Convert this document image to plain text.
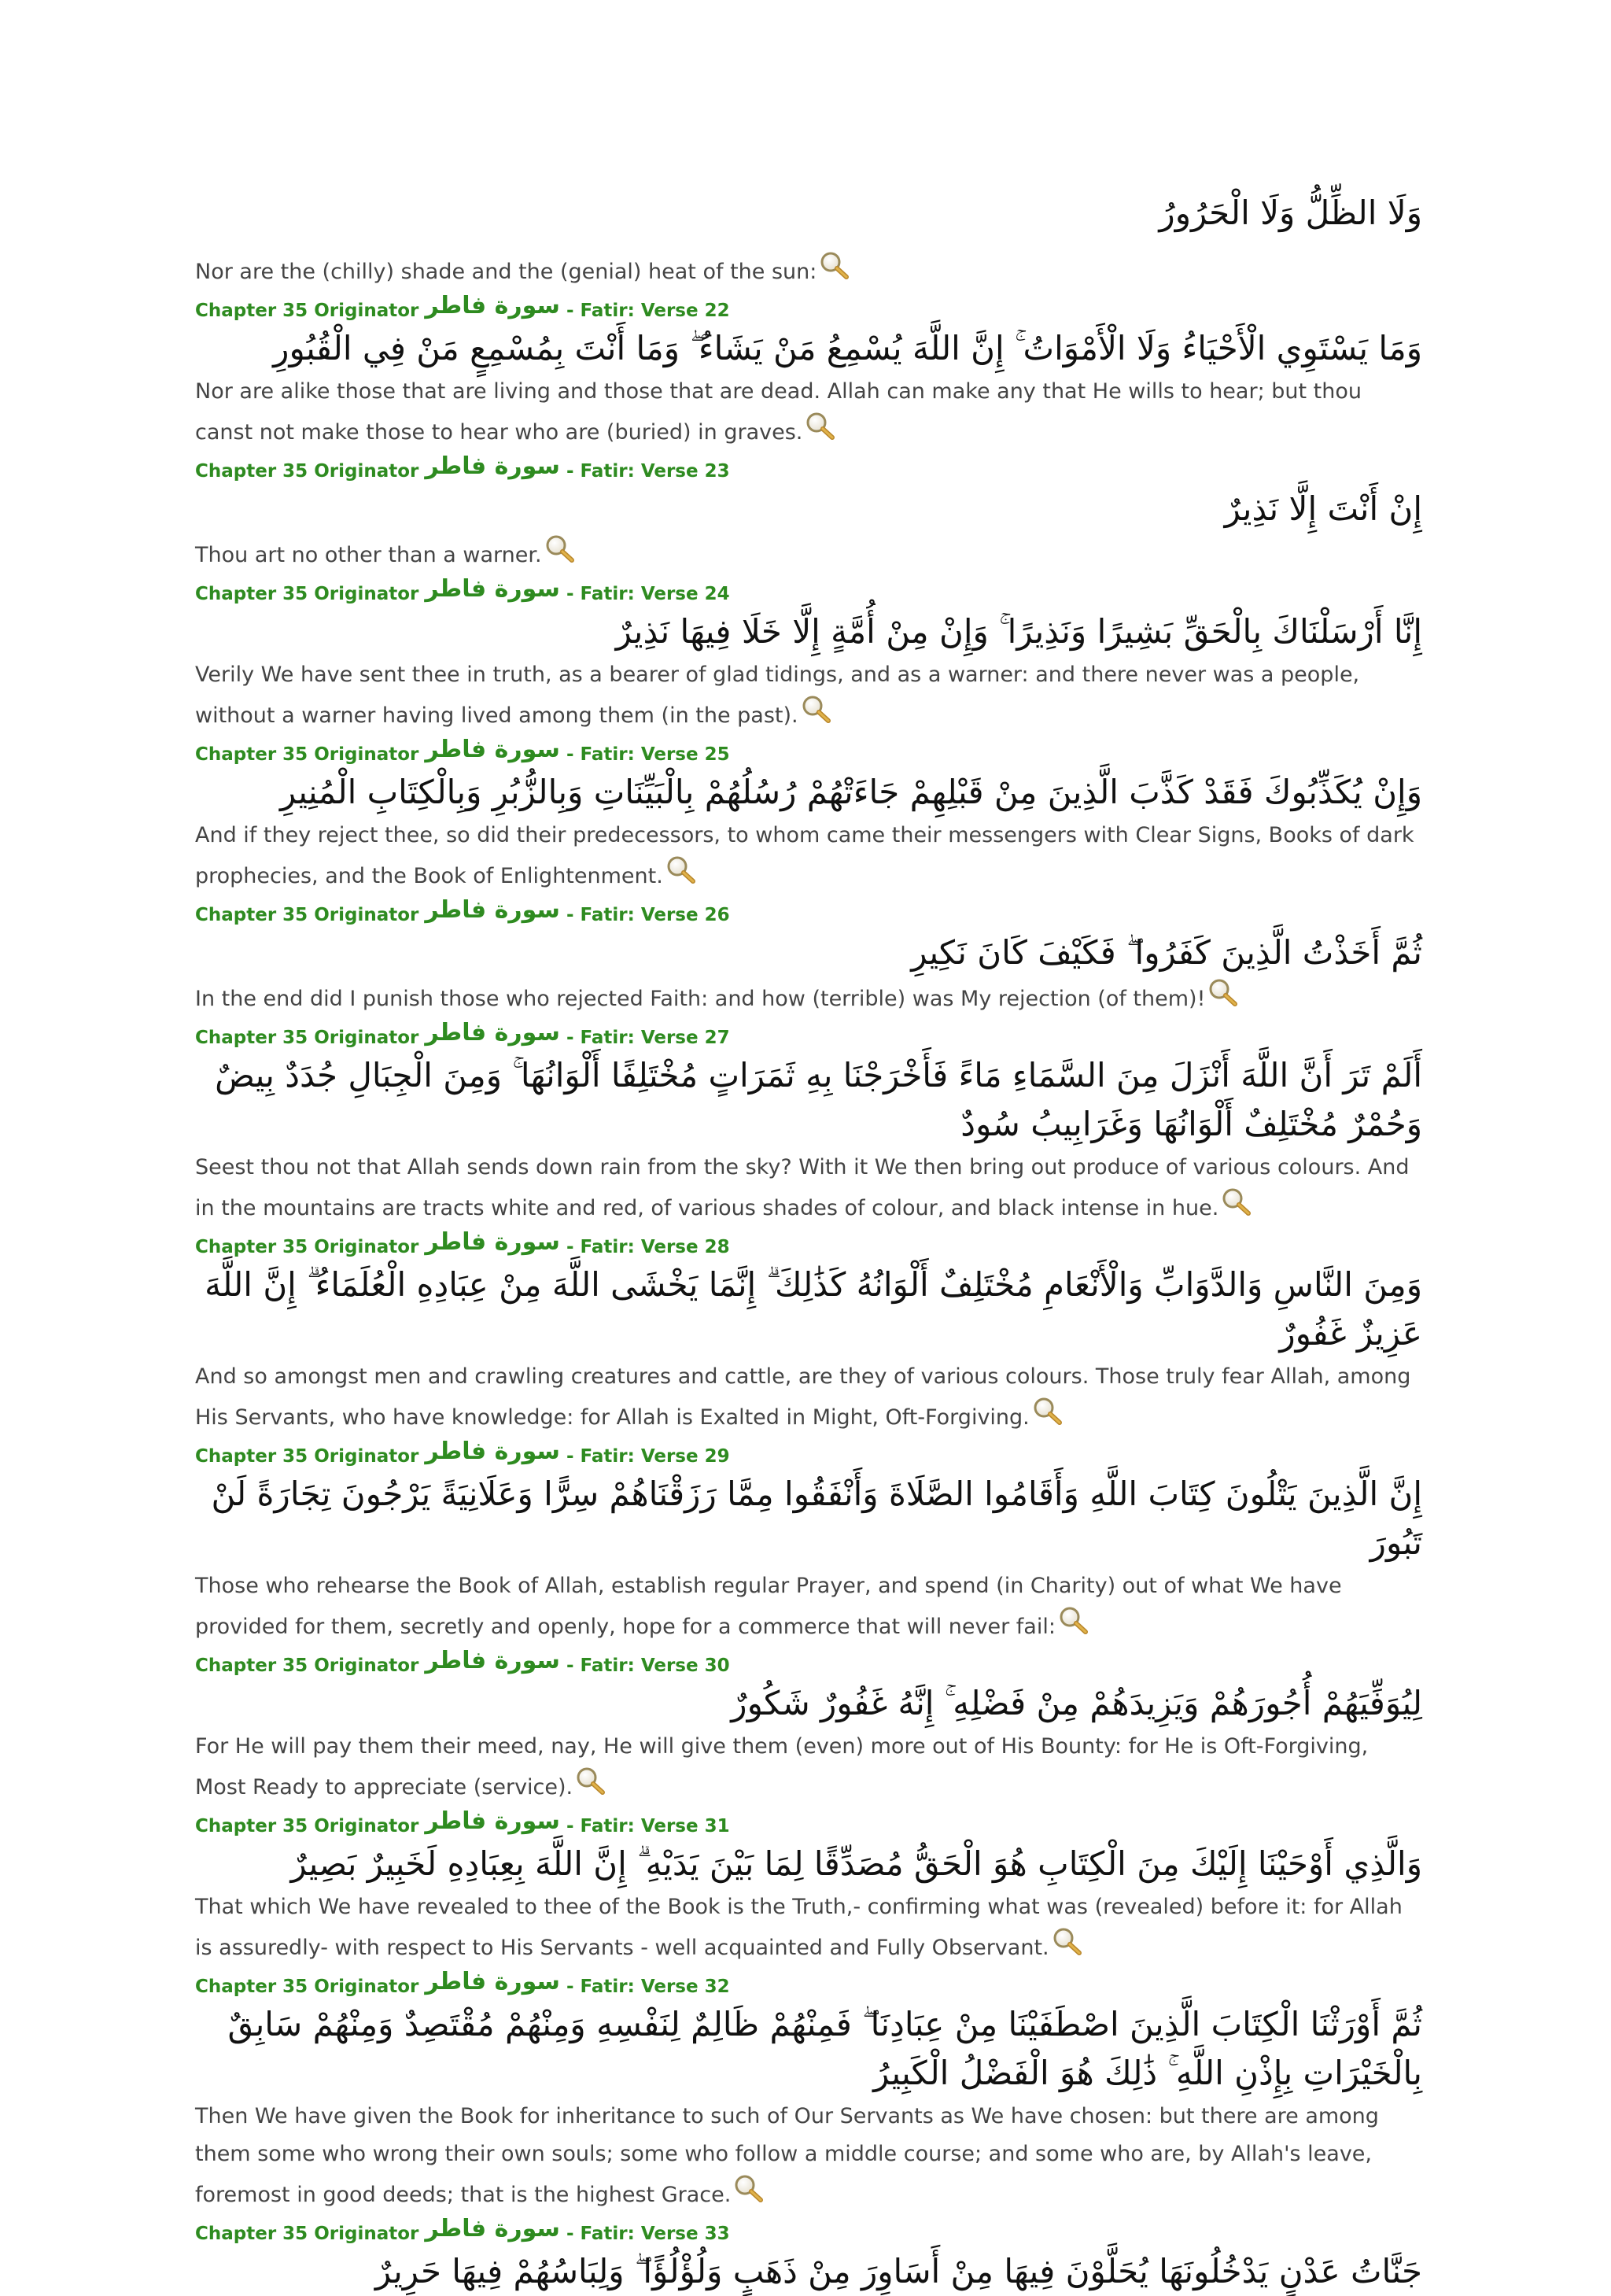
وَلَا الظِّلُّ وَلَا الْحَرُورُ

Nor are the (chilly) shade and the (genial) heat of the sun:

Chapter 35 Originator سورة فاطر - Fatir: Verse 22

وَمَا يَسْتَوِي الْأَحْيَاءُ وَلَا الْأَمْوَاتُ ۚ إِنَّ اللَّهَ يُسْمِعُ مَنْ يَشَاءُ ۖ وَمَا أَنْتَ بِمُسْمِعٍ مَنْ فِي الْقُبُورِ

Nor are alike those that are living and those that are dead. Allah can make any that He wills to hear; but thou canst not make those to hear who are (buried) in graves.

Chapter 35 Originator سورة فاطر - Fatir: Verse 23

إِنْ أَنْتَ إِلَّا نَذِيرٌ

Thou art no other than a warner.

Chapter 35 Originator سورة فاطر - Fatir: Verse 24

إِنَّا أَرْسَلْنَاكَ بِالْحَقِّ بَشِيرًا وَنَذِيرًا ۚ وَإِنْ مِنْ أُمَّةٍ إِلَّا خَلَا فِيهَا نَذِيرٌ

Verily We have sent thee in truth, as a bearer of glad tidings, and as a warner: and there never was a people, without a warner having lived among them (in the past).

Chapter 35 Originator سورة فاطر - Fatir: Verse 25

وَإِنْ يُكَذِّبُوكَ فَقَدْ كَذَّبَ الَّذِينَ مِنْ قَبْلِهِمْ جَاءَتْهُمْ رُسُلُهُمْ بِالْبَيِّنَاتِ وَبِالزُّبُرِ وَبِالْكِتَابِ الْمُنِيرِ

And if they reject thee, so did their predecessors, to whom came their messengers with Clear Signs, Books of dark prophecies, and the Book of Enlightenment.

Chapter 35 Originator سورة فاطر - Fatir: Verse 26

ثُمَّ أَخَذْتُ الَّذِينَ كَفَرُوا ۖ فَكَيْفَ كَانَ نَكِيرِ

In the end did I punish those who rejected Faith: and how (terrible) was My rejection (of them)!

Chapter 35 Originator سورة فاطر - Fatir: Verse 27

أَلَمْ تَرَ أَنَّ اللَّهَ أَنْزَلَ مِنَ السَّمَاءِ مَاءً فَأَخْرَجْنَا بِهِ ثَمَرَاتٍ مُخْتَلِفًا أَلْوَانُهَا ۚ وَمِنَ الْجِبَالِ جُدَدٌ بِيضٌ وَحُمْرٌ مُخْتَلِفٌ أَلْوَانُهَا وَغَرَابِيبُ سُودٌ

Seest thou not that Allah sends down rain from the sky? With it We then bring out produce of various colours. And in the mountains are tracts white and red, of various shades of colour, and black intense in hue.

Chapter 35 Originator سورة فاطر - Fatir: Verse 28

وَمِنَ النَّاسِ وَالدَّوَابِّ وَالْأَنْعَامِ مُخْتَلِفٌ أَلْوَانُهُ كَذَٰلِكَ ۗ إِنَّمَا يَخْشَى اللَّهَ مِنْ عِبَادِهِ الْعُلَمَاءُ ۗ إِنَّ اللَّهَ عَزِيزٌ غَفُورٌ

And so amongst men and crawling creatures and cattle, are they of various colours. Those truly fear Allah, among His Servants, who have knowledge: for Allah is Exalted in Might, Oft-Forgiving.

Chapter 35 Originator سورة فاطر - Fatir: Verse 29

إِنَّ الَّذِينَ يَتْلُونَ كِتَابَ اللَّهِ وَأَقَامُوا الصَّلَاةَ وَأَنْفَقُوا مِمَّا رَزَقْنَاهُمْ سِرًّا وَعَلَانِيَةً يَرْجُونَ تِجَارَةً لَنْ تَبُورَ

Those who rehearse the Book of Allah, establish regular Prayer, and spend (in Charity) out of what We have provided for them, secretly and openly, hope for a commerce that will never fail:

Chapter 35 Originator سورة فاطر - Fatir: Verse 30

لِيُوَفِّيَهُمْ أُجُورَهُمْ وَيَزِيدَهُمْ مِنْ فَضْلِهِ ۚ إِنَّهُ غَفُورٌ شَكُورٌ

For He will pay them their meed, nay, He will give them (even) more out of His Bounty: for He is Oft-Forgiving, Most Ready to appreciate (service).

Chapter 35 Originator سورة فاطر - Fatir: Verse 31

وَالَّذِي أَوْحَيْنَا إِلَيْكَ مِنَ الْكِتَابِ هُوَ الْحَقُّ مُصَدِّقًا لِمَا بَيْنَ يَدَيْهِ ۗ إِنَّ اللَّهَ بِعِبَادِهِ لَخَبِيرٌ بَصِيرٌ

That which We have revealed to thee of the Book is the Truth,- confirming what was (revealed) before it: for Allah is assuredly- with respect to His Servants - well acquainted and Fully Observant.

Chapter 35 Originator سورة فاطر - Fatir: Verse 32

ثُمَّ أَوْرَثْنَا الْكِتَابَ الَّذِينَ اصْطَفَيْنَا مِنْ عِبَادِنَا ۖ فَمِنْهُمْ ظَالِمٌ لِنَفْسِهِ وَمِنْهُمْ مُقْتَصِدٌ وَمِنْهُمْ سَابِقٌ بِالْخَيْرَاتِ بِإِذْنِ اللَّهِ ۚ ذَٰلِكَ هُوَ الْفَضْلُ الْكَبِيرُ

Then We have given the Book for inheritance to such of Our Servants as We have chosen: but there are among them some who wrong their own souls; some who follow a middle course; and some who are, by Allah's leave, foremost in good deeds; that is the highest Grace.

Chapter 35 Originator سورة فاطر - Fatir: Verse 33

جَنَّاتُ عَدْنٍ يَدْخُلُونَهَا يُحَلَّوْنَ فِيهَا مِنْ أَسَاوِرَ مِنْ ذَهَبٍ وَلُؤْلُؤًا ۖ وَلِبَاسُهُمْ فِيهَا حَرِيرٌ
